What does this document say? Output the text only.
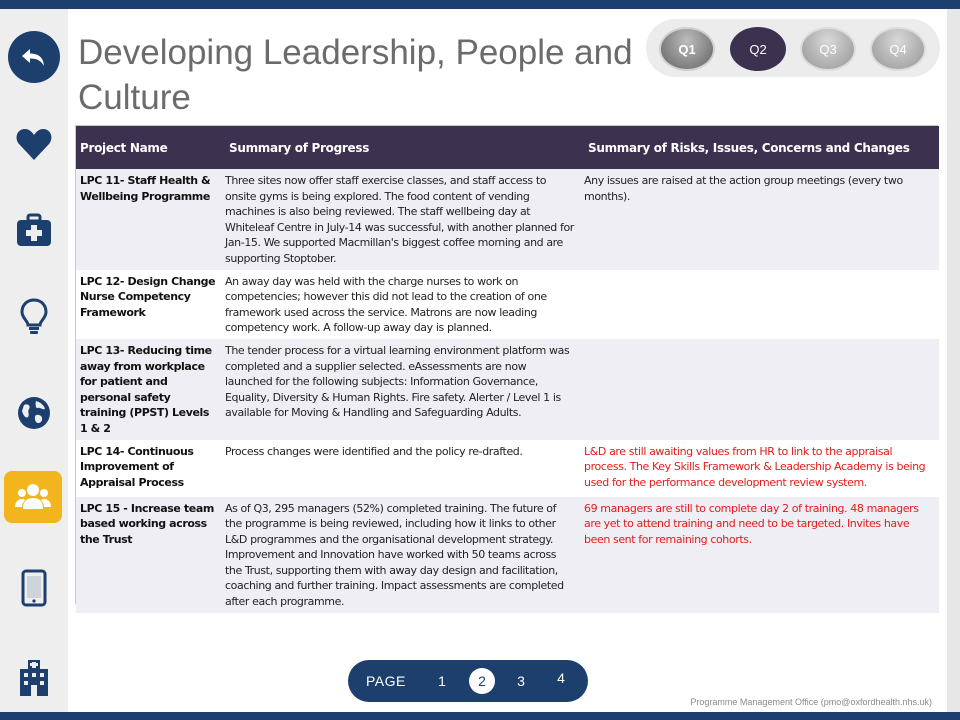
Developing Leadership, People and Culture
Q1	Q2	Q3	Q4
Project Name	Summary of Progress	Summary of Risks, Issues, Concerns and Changes
LPC 11- Staff Health & Wellbeing Programme	Three sites now offer staff exercise classes, and staff access to onsite gyms is being explored. The food content of vending machines is also being reviewed. The staff wellbeing day at Whiteleaf Centre in July-14 was successful, with another planned for Jan-15. We supported Macmillan's biggest coffee morning and are supporting Stoptober.	Any issues are raised at the action group meetings (every two months).
LPC 12- Design Change Nurse Competency Framework	An away day was held with the charge nurses to work on competencies; however this did not lead to the creation of one framework used across the service. Matrons are now leading competency work. A follow-up away day is planned.	
LPC 13- Reducing time away from workplace for patient and personal safety training (PPST) Levels 1 & 2	The tender process for a virtual learning environment platform was completed and a supplier selected. eAssessments are now launched for the following subjects: Information Governance, Equality, Diversity & Human Rights. Fire safety. Alerter / Level 1 is available for Moving & Handling and Safeguarding Adults.	
LPC 14- Continuous Improvement of Appraisal Process	Process changes were identified and the policy re-drafted.	L&D are still awaiting values from HR to link to the appraisal process. The Key Skills Framework & Leadership Academy is being used for the performance development review system.
LPC 15 - Increase team based working across the Trust	As of Q3, 295 managers (52%) completed training. The future of the programme is being reviewed, including how it links to other L&D programmes and the organisational development strategy. Improvement and Innovation have worked with 50 teams across the Trust, supporting them with away day design and facilitation, coaching and further training. Impact assessments are completed after each programme.	69 managers are still to complete day 2 of training. 48 managers are yet to attend training and need to be targeted. Invites have been sent for remaining cohorts.
PAGE	1	2	3	4
Programme Management Office (pmo@oxfordhealth.nhs.uk)
